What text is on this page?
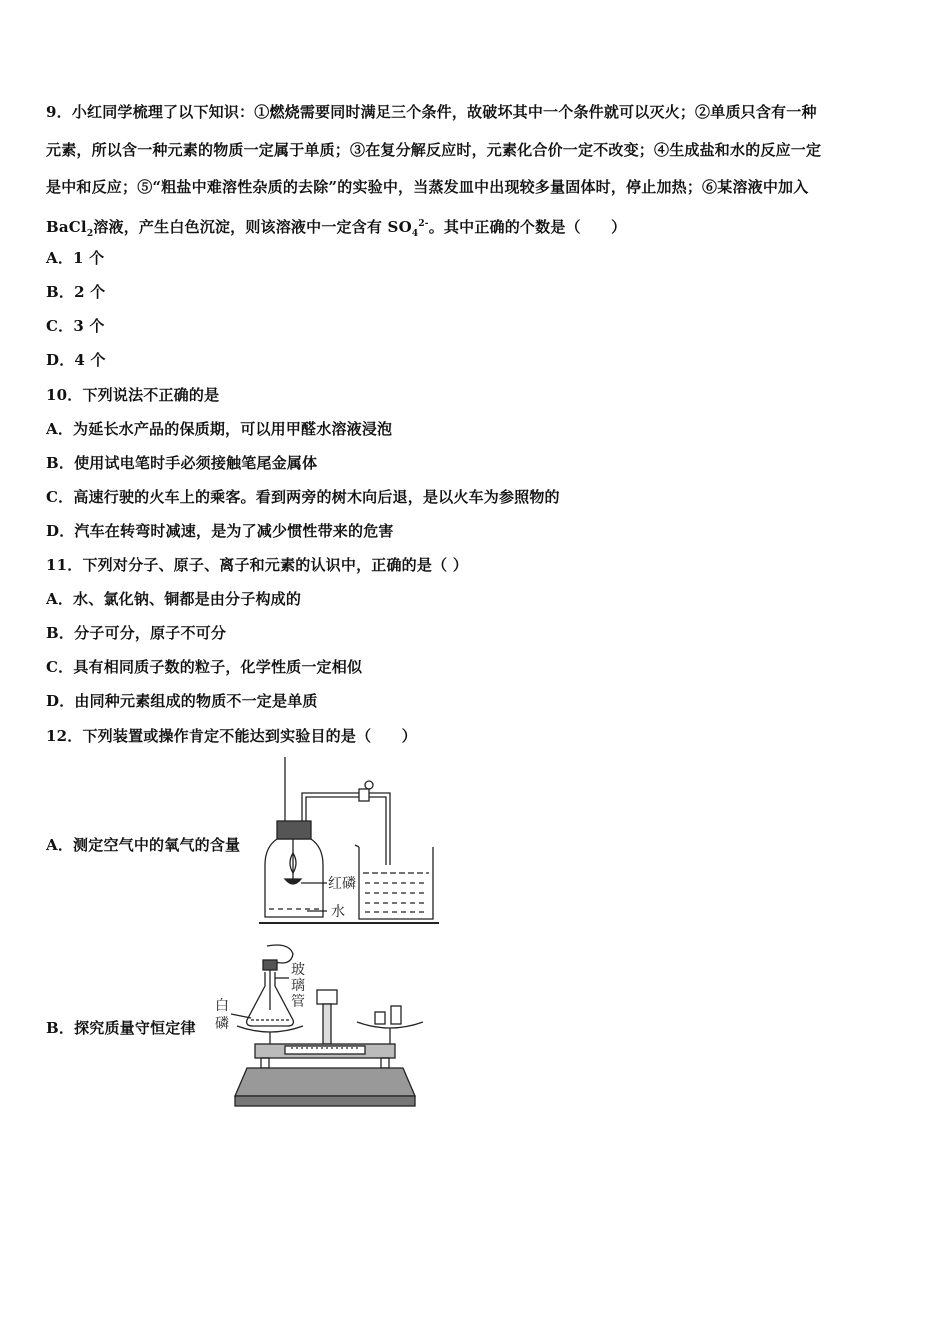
9．小红同学梳理了以下知识：①燃烧需要同时满足三个条件，故破坏其中一个条件就可以灭火；②单质只含有一种
元素，所以含一种元素的物质一定属于单质；③在复分解反应时，元素化合价一定不改变；④生成盐和水的反应一定
是中和反应；⑤“粗盐中难溶性杂质的去除”的实验中，当蒸发皿中出现较多量固体时，停止加热；⑥某溶液中加入
BaCl$_2$溶液，产生白色沉淀，则该溶液中一定含有 $SO_4^{2-}$。其中正确的个数是（　　）
A．1 个
B．2 个
C．3 个
D．4 个
10．下列说法不正确的是
A．为延长水产品的保质期，可以用甲醛水溶液浸泡
B．使用试电笔时手必须接触笔尾金属体
C．高速行驶的火车上的乘客。看到两旁的树木向后退，是以火车为参照物的
D．汽车在转弯时减速，是为了减少惯性带来的危害
11．下列对分子、原子、离子和元素的认识中，正确的是（ ）
A．水、氯化钠、铜都是由分子构成的
B．分子可分，原子不可分
C．具有相同质子数的粒子，化学性质一定相似
D．由同种元素组成的物质不一定是单质
12．下列装置或操作肯定不能达到实验目的是（　　）
A．测定空气中的氧气的含量
B．探究质量守恒定律
红磷
水
玻
璃
管
白
磷
